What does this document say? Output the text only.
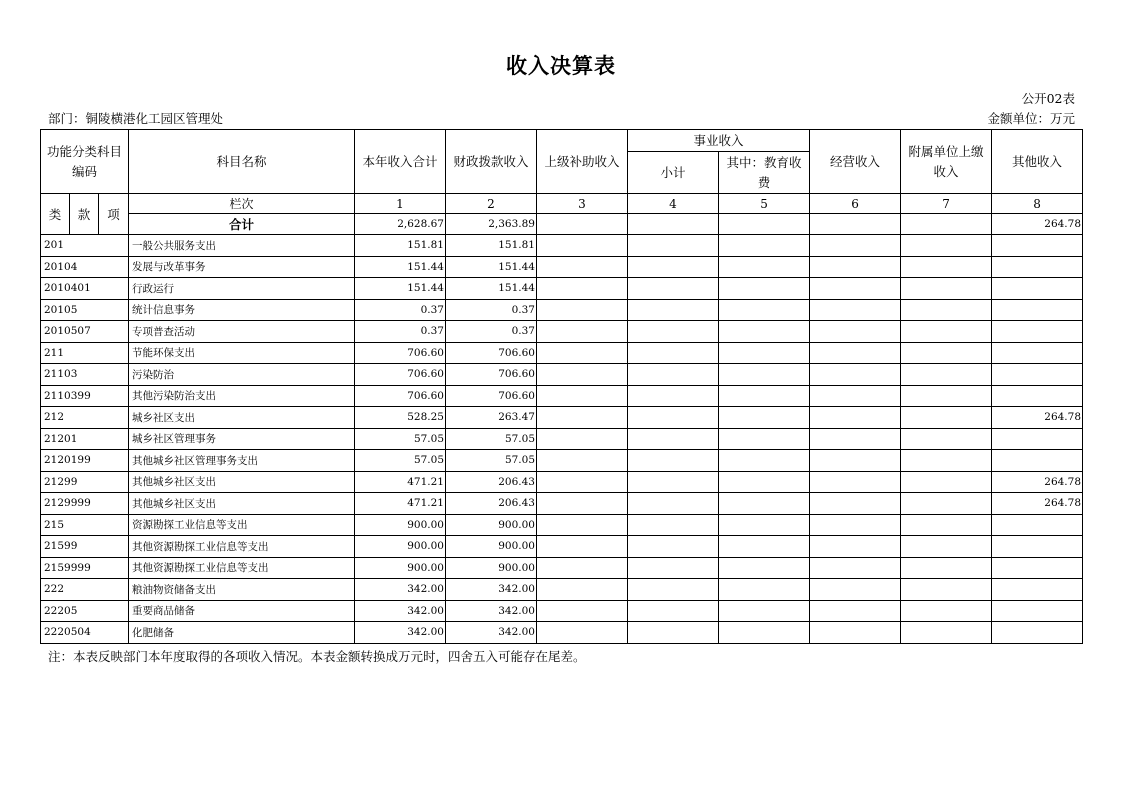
收入决算表
公开02表
部门：铜陵横港化工园区管理处	金额单位：万元
功能分类科目编码			科目名称	本年收入合计	财政拨款收入	上级补助收入	事业收入		经营收入	附属单位上缴收入	其他收入
							小计	其中：教育收费			
类	款	项	栏次	1	2	3	4	5	6	7	8
			合计	2,628.67	2,363.89						264.78
201			一般公共服务支出	151.81	151.81						
20104			发展与改革事务	151.44	151.44						
2010401			行政运行	151.44	151.44						
20105			统计信息事务	0.37	0.37						
2010507			专项普查活动	0.37	0.37						
211			节能环保支出	706.60	706.60						
21103			污染防治	706.60	706.60						
2110399			其他污染防治支出	706.60	706.60						
212			城乡社区支出	528.25	263.47						264.78
21201			城乡社区管理事务	57.05	57.05						
2120199			其他城乡社区管理事务支出	57.05	57.05						
21299			其他城乡社区支出	471.21	206.43						264.78
2129999			其他城乡社区支出	471.21	206.43						264.78
215			资源勘探工业信息等支出	900.00	900.00						
21599			其他资源勘探工业信息等支出	900.00	900.00						
2159999			其他资源勘探工业信息等支出	900.00	900.00						
222			粮油物资储备支出	342.00	342.00						
22205			重要商品储备	342.00	342.00						
2220504			化肥储备	342.00	342.00						
注：本表反映部门本年度取得的各项收入情况。本表金额转换成万元时，四舍五入可能存在尾差。
